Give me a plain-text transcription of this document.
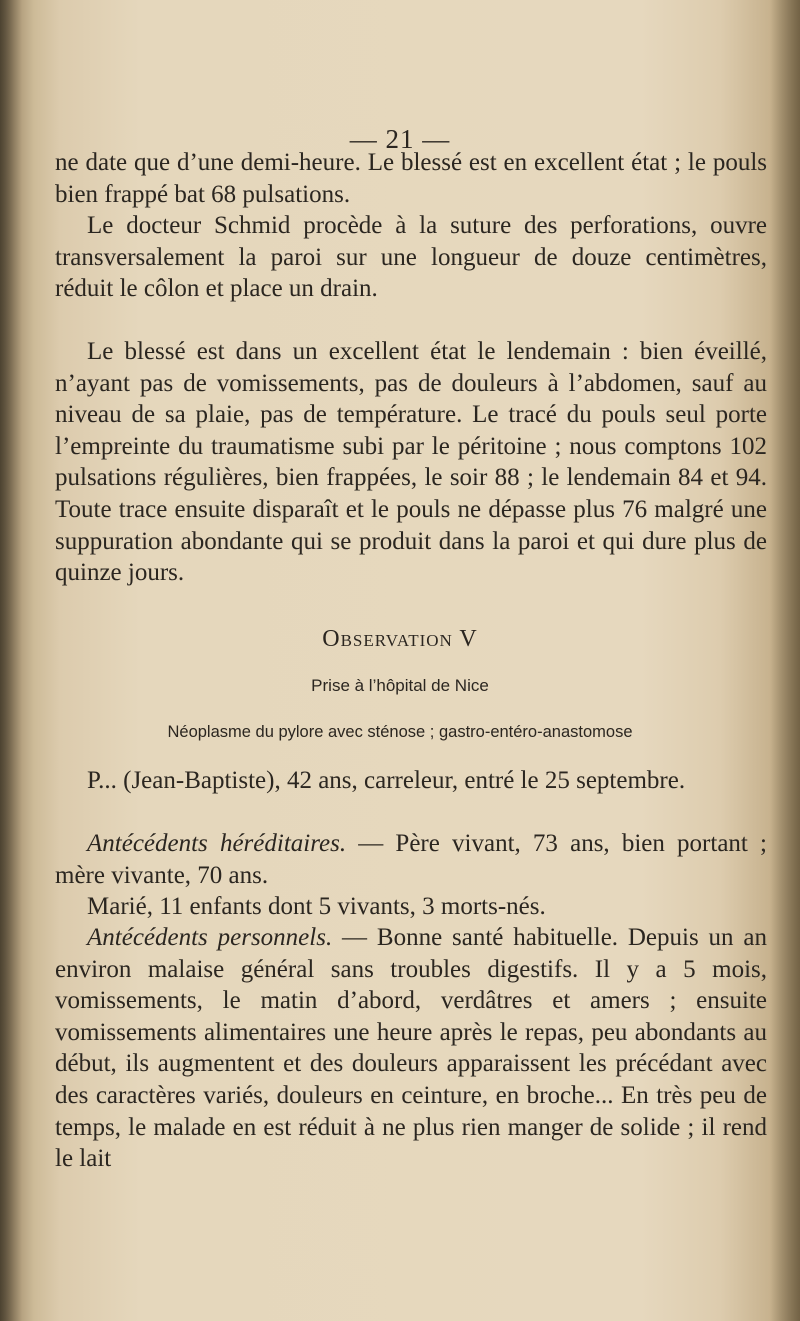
— 21 —

ne date que d’une demi-heure. Le blessé est en excellent état ; le pouls bien frappé bat 68 pulsations.

Le docteur Schmid procède à la suture des perforations, ouvre transversalement la paroi sur une longueur de douze centimètres, réduit le côlon et place un drain.

Le blessé est dans un excellent état le lendemain : bien éveillé, n’ayant pas de vomissements, pas de douleurs à l’abdomen, sauf au niveau de sa plaie, pas de température. Le tracé du pouls seul porte l’empreinte du traumatisme subi par le péritoine ; nous comptons 102 pulsations régulières, bien frappées, le soir 88 ; le lendemain 84 et 94. Toute trace ensuite disparaît et le pouls ne dépasse plus 76 malgré une suppuration abondante qui se produit dans la paroi et qui dure plus de quinze jours.

Observation V
Prise à l’hôpital de Nice
Néoplasme du pylore avec sténose ; gastro-entéro-anastomose

P... (Jean-Baptiste), 42 ans, carreleur, entré le 25 septembre.

Antécédents héréditaires. — Père vivant, 73 ans, bien portant ; mère vivante, 70 ans.

Marié, 11 enfants dont 5 vivants, 3 morts-nés.

Antécédents personnels. — Bonne santé habituelle. Depuis un an environ malaise général sans troubles digestifs. Il y a 5 mois, vomissements, le matin d’abord, verdâtres et amers ; ensuite vomissements alimentaires une heure après le repas, peu abondants au début, ils augmentent et des douleurs apparaissent les précédant avec des caractères variés, douleurs en ceinture, en broche... En très peu de temps, le malade en est réduit à ne plus rien manger de solide ; il rend le lait
